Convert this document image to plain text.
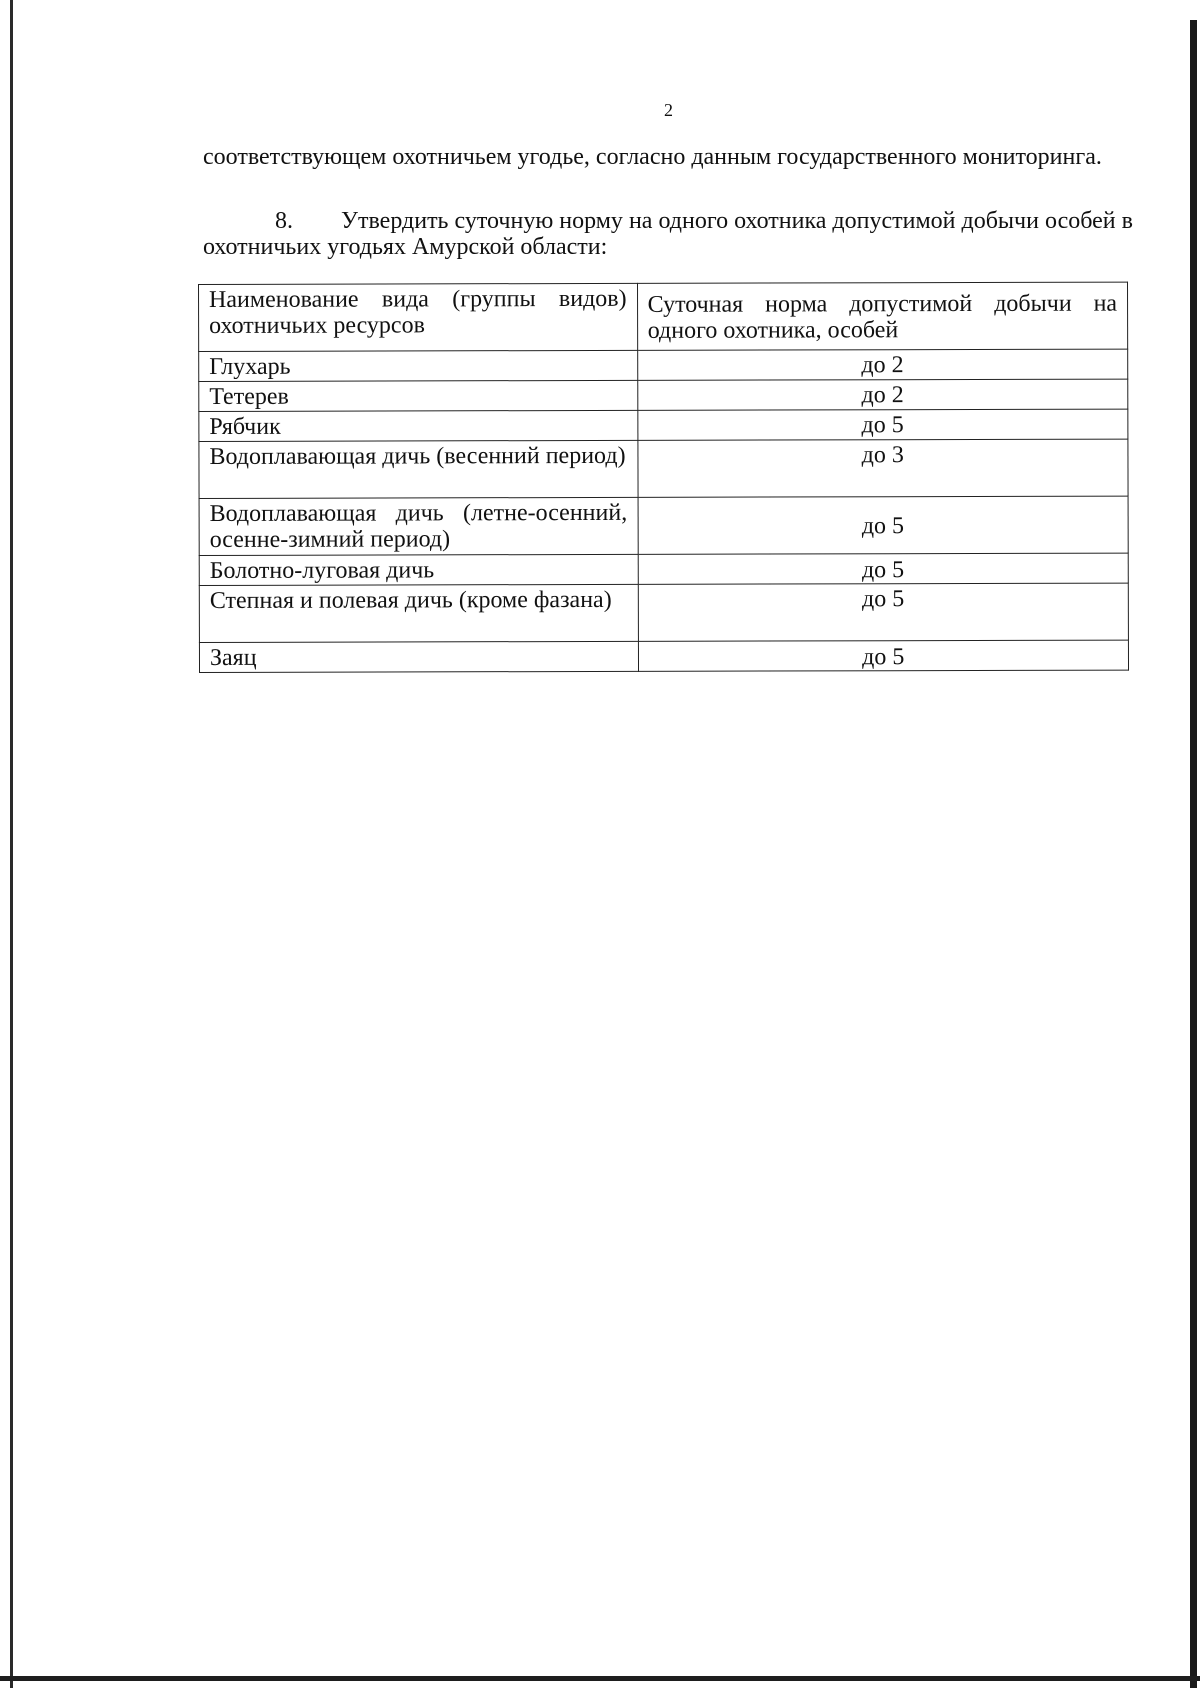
2
соответствующем охотничьем угодье, согласно данным государственного мониторинга.
8. Утвердить суточную норму на одного охотника допустимой добычи особей в охотничьих угодьях Амурской области:
Наименование вида (группы видов) охотничьих ресурсов	Суточная норма допустимой добычи на одного охотника, особей
Глухарь	до 2
Тетерев	до 2
Рябчик	до 5
Водоплавающая дичь (весенний период)	до 3
Водоплавающая дичь (летне-осенний, осенне-зимний период)	до 5
Болотно-луговая дичь	до 5
Степная и полевая дичь (кроме фазана)	до 5
Заяц	до 5
